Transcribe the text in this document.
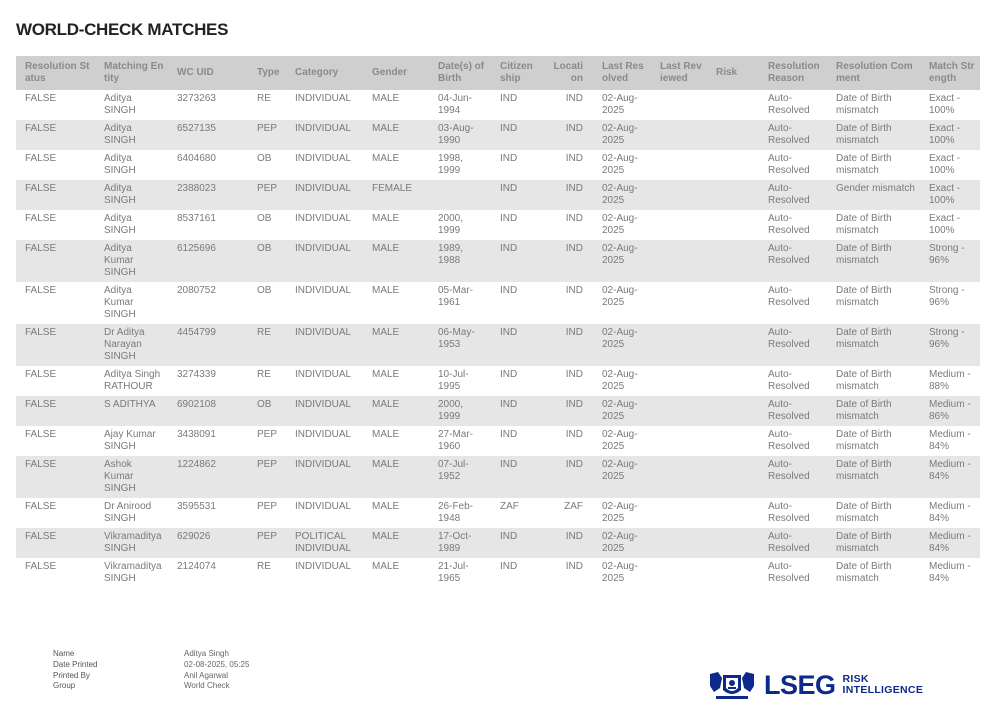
WORLD-CHECK MATCHES
Resolution Status	Matching Entity	WC UID	Type	Category	Gender	Date(s) of Birth	Citizenship	Location	Last Resolved	Last Reviewed	Risk	Resolution Reason	Resolution Comment	Match Strength
FALSE	Aditya SINGH	3273263	RE	INDIVIDUAL	MALE	04-Jun-1994	IND	IND	02-Aug-2025			Auto-Resolved	Date of Birth mismatch	Exact - 100%
FALSE	Aditya SINGH	6527135	PEP	INDIVIDUAL	MALE	03-Aug-1990	IND	IND	02-Aug-2025			Auto-Resolved	Date of Birth mismatch	Exact - 100%
FALSE	Aditya SINGH	6404680	OB	INDIVIDUAL	MALE	1998, 1999	IND	IND	02-Aug-2025			Auto-Resolved	Date of Birth mismatch	Exact - 100%
FALSE	Aditya SINGH	2388023	PEP	INDIVIDUAL	FEMALE		IND	IND	02-Aug-2025			Auto-Resolved	Gender mismatch	Exact - 100%
FALSE	Aditya SINGH	8537161	OB	INDIVIDUAL	MALE	2000, 1999	IND	IND	02-Aug-2025			Auto-Resolved	Date of Birth mismatch	Exact - 100%
FALSE	Aditya Kumar SINGH	6125696	OB	INDIVIDUAL	MALE	1989, 1988	IND	IND	02-Aug-2025			Auto-Resolved	Date of Birth mismatch	Strong - 96%
FALSE	Aditya Kumar SINGH	2080752	OB	INDIVIDUAL	MALE	05-Mar-1961	IND	IND	02-Aug-2025			Auto-Resolved	Date of Birth mismatch	Strong - 96%
FALSE	Dr Aditya Narayan SINGH	4454799	RE	INDIVIDUAL	MALE	06-May-1953	IND	IND	02-Aug-2025			Auto-Resolved	Date of Birth mismatch	Strong - 96%
FALSE	Aditya Singh RATHOUR	3274339	RE	INDIVIDUAL	MALE	10-Jul-1995	IND	IND	02-Aug-2025			Auto-Resolved	Date of Birth mismatch	Medium - 88%
FALSE	S ADITHYA	6902108	OB	INDIVIDUAL	MALE	2000, 1999	IND	IND	02-Aug-2025			Auto-Resolved	Date of Birth mismatch	Medium - 86%
FALSE	Ajay Kumar SINGH	3438091	PEP	INDIVIDUAL	MALE	27-Mar-1960	IND	IND	02-Aug-2025			Auto-Resolved	Date of Birth mismatch	Medium - 84%
FALSE	Ashok Kumar SINGH	1224862	PEP	INDIVIDUAL	MALE	07-Jul-1952	IND	IND	02-Aug-2025			Auto-Resolved	Date of Birth mismatch	Medium - 84%
FALSE	Dr Anirood SINGH	3595531	PEP	INDIVIDUAL	MALE	26-Feb-1948	ZAF	ZAF	02-Aug-2025			Auto-Resolved	Date of Birth mismatch	Medium - 84%
FALSE	Vikramaditya SINGH	629026	PEP	POLITICAL INDIVIDUAL	MALE	17-Oct-1989	IND	IND	02-Aug-2025			Auto-Resolved	Date of Birth mismatch	Medium - 84%
FALSE	Vikramaditya SINGH	2124074	RE	INDIVIDUAL	MALE	21-Jul-1965	IND	IND	02-Aug-2025			Auto-Resolved	Date of Birth mismatch	Medium - 84%
Name	Aditya Singh
Date Printed	02-08-2025, 05:25
Printed By	Anil Agarwal
Group	World Check	LSEG RISK
INTELLIGENCE
